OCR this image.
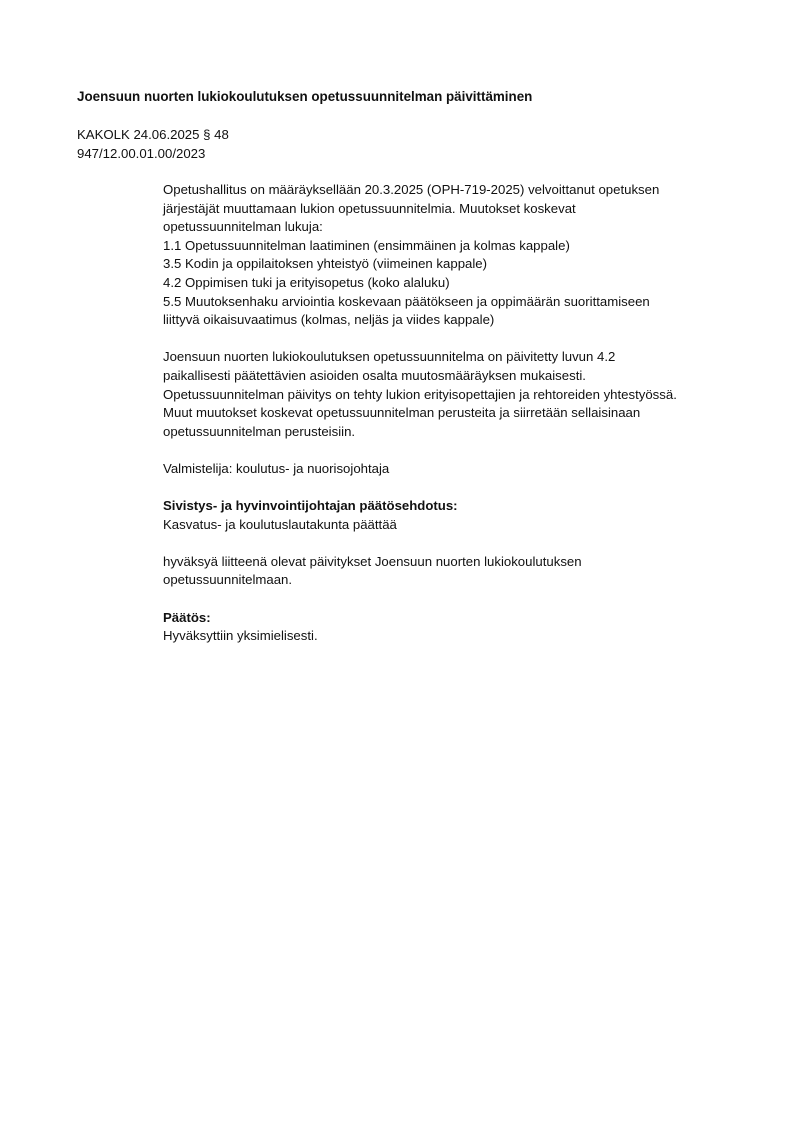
Joensuun nuorten lukiokoulutuksen opetussuunnitelman päivittäminen
KAKOLK 24.06.2025 § 48
947/12.00.01.00/2023
Opetushallitus on määräyksellään 20.3.2025 (OPH-719-2025) velvoittanut opetuksen
järjestäjät muuttamaan lukion opetussuunnitelmia. Muutokset koskevat
opetussuunnitelman lukuja:
1.1 Opetussuunnitelman laatiminen (ensimmäinen ja kolmas kappale)
3.5 Kodin ja oppilaitoksen yhteistyö (viimeinen kappale)
4.2 Oppimisen tuki ja erityisopetus (koko alaluku)
5.5 Muutoksenhaku arviointia koskevaan päätökseen ja oppimäärän suorittamiseen
liittyvä oikaisuvaatimus (kolmas, neljäs ja viides kappale)
Joensuun nuorten lukiokoulutuksen opetussuunnitelma on päivitetty luvun 4.2
paikallisesti päätettävien asioiden osalta muutosmääräyksen mukaisesti.
Opetussuunnitelman päivitys on tehty lukion erityisopettajien ja rehtoreiden yhtestyössä.
Muut muutokset koskevat opetussuunnitelman perusteita ja siirretään sellaisinaan
opetussuunnitelman perusteisiin.
Valmistelija: koulutus- ja nuorisojohtaja
Sivistys- ja hyvinvointijohtajan päätösehdotus:
Kasvatus- ja koulutuslautakunta päättää
hyväksyä liitteenä olevat päivitykset Joensuun nuorten lukiokoulutuksen
opetussuunnitelmaan.
Päätös:
Hyväksyttiin yksimielisesti.
